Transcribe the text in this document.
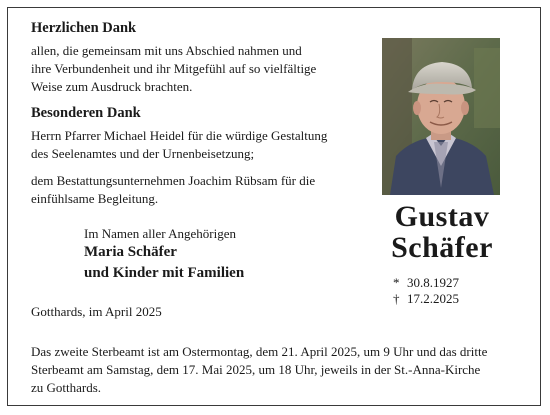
Herzlichen Dank
allen, die gemeinsam mit uns Abschied nahmen und
ihre Verbundenheit und ihr Mitgefühl auf so vielfältige
Weise zum Ausdruck brachten.
Besonderen Dank
Herrn Pfarrer Michael Heidel für die würdige Gestaltung
des Seelenamtes und der Urnenbeisetzung;
dem Bestattungsunternehmen Joachim Rübsam für die
einfühlsame Begleitung.
Im Namen aller Angehörigen
Maria Schäfer
und Kinder mit Familien
Gotthards, im April 2025
Das zweite Sterbeamt ist am Ostermontag, dem 21. April 2025, um 9 Uhr und das dritte
Sterbeamt am Samstag, dem 17. Mai 2025, um 18 Uhr, jeweils in der St.-Anna-Kirche
zu Gotthards.
Gustav
Schäfer
* 30.8.1927
† 17.2.2025
